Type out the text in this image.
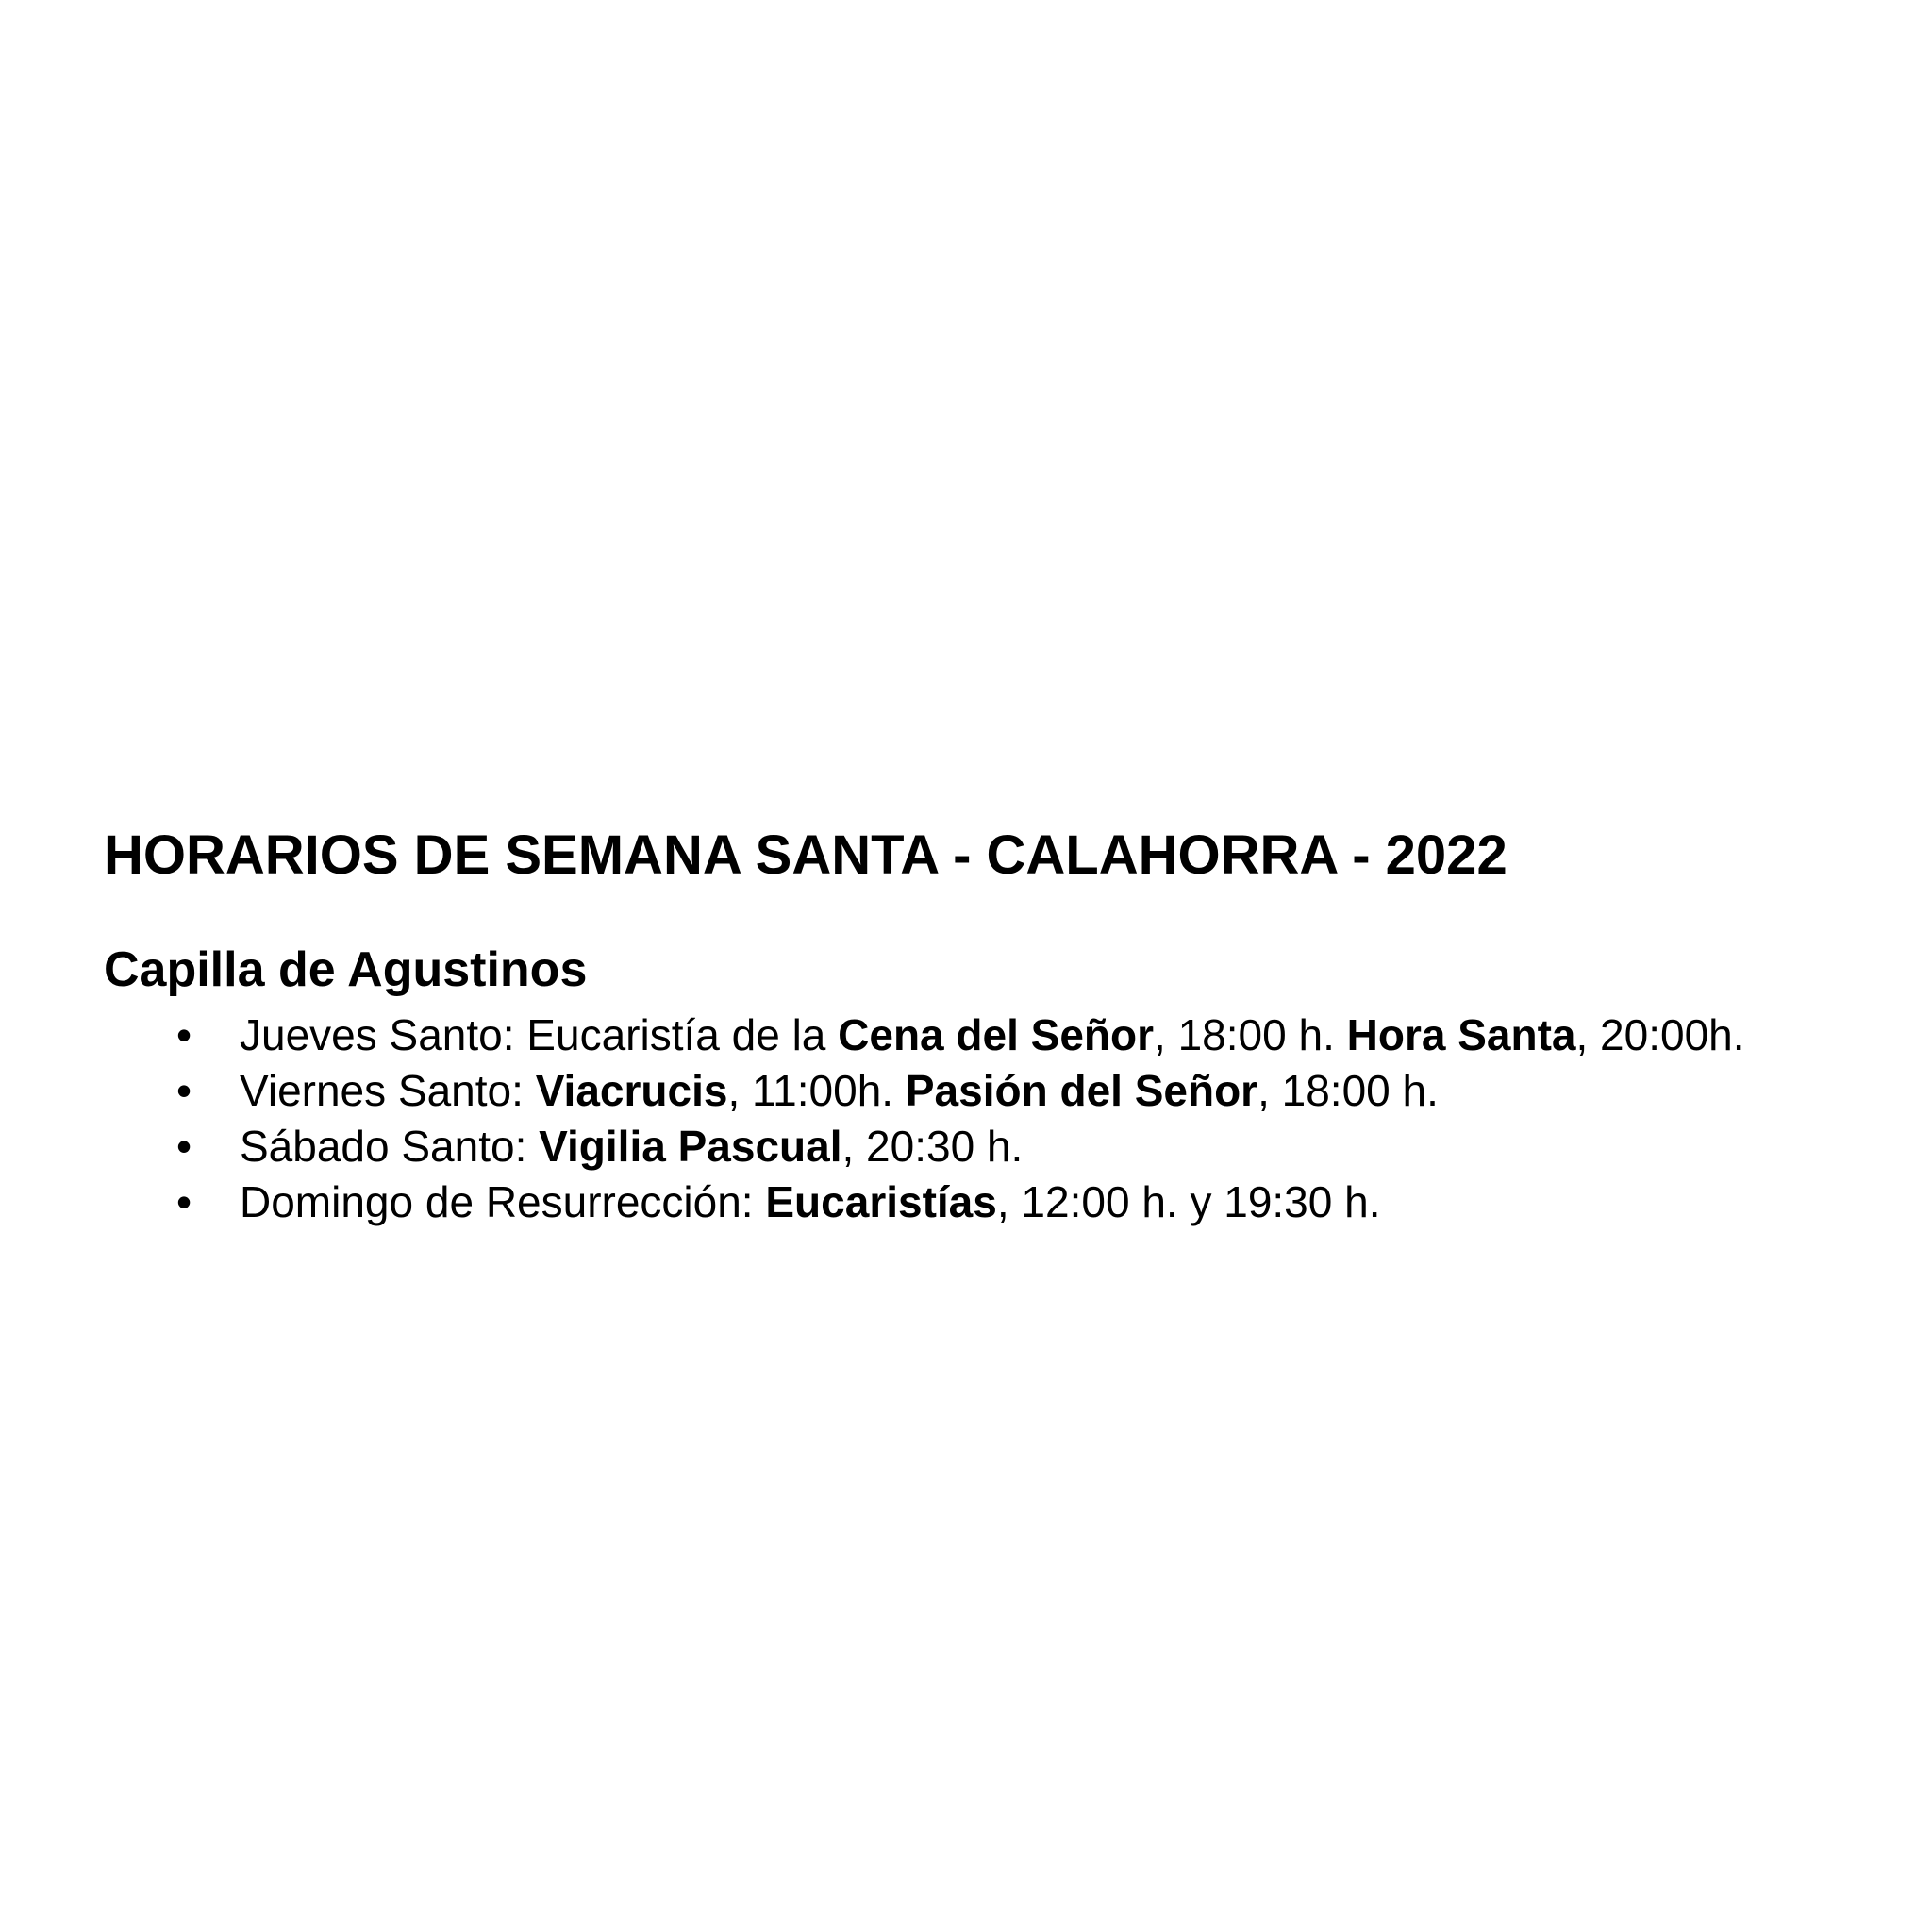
HORARIOS DE SEMANA SANTA - CALAHORRA - 2022
Capilla de Agustinos
• Jueves Santo: Eucaristía de la Cena del Señor, 18:00 h. Hora Santa, 20:00h.
• Viernes Santo: Viacrucis, 11:00h. Pasión del Señor, 18:00 h.
• Sábado Santo: Vigilia Pascual, 20:30 h.
• Domingo de Resurrección: Eucaristías, 12:00 h. y 19:30 h.
